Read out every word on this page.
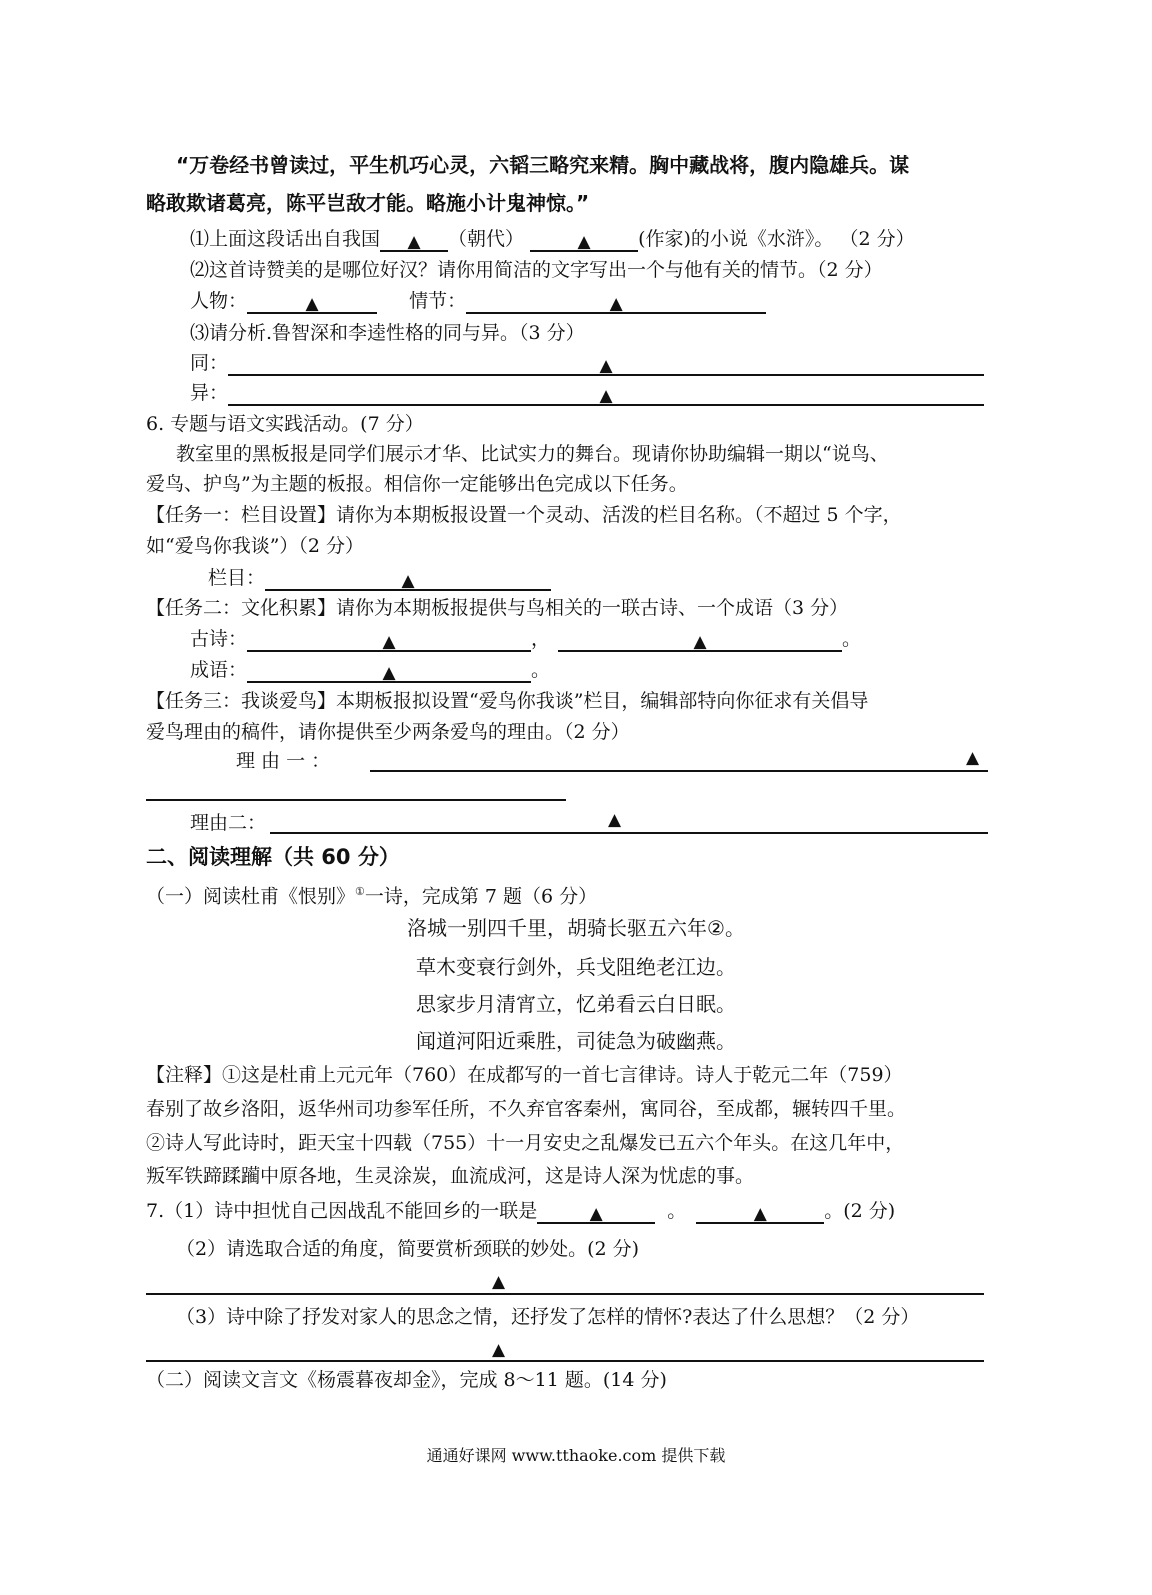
“万卷经书曾读过，平生机巧心灵，六韬三略究来精。胸中藏战将，腹内隐雄兵。谋
略敢欺诸葛亮，陈平岂敌才能。略施小计鬼神惊。”
⑴上面这段话出自我国 ▲ （朝代）	▲ (作家)的小说《水浒》。 （2 分）
⑵这首诗赞美的是哪位好汉？请你用简洁的文字写出一个与他有关的情节。（2 分）
人物：	▲	情节：	▲
⑶请分析.鲁智深和李逵性格的同与异。（3 分）
同：	▲
异：	▲
6. 专题与语文实践活动。(7 分）
教室里的黑板报是同学们展示才华、比试实力的舞台。现请你协助编辑一期以“说鸟、
爱鸟、护鸟”为主题的板报。相信你一定能够出色完成以下任务。
【任务一：栏目设置】请你为本期板报设置一个灵动、活泼的栏目名称。（不超过 5 个字，
如“爱鸟你我谈”）（2 分）
栏目：	▲
【任务二：文化积累】请你为本期板报提供与鸟相关的一联古诗、一个成语（3 分）
古诗：	▲	，	▲	。
成语：	▲	。
【任务三：我谈爱鸟】本期板报拟设置“爱鸟你我谈”栏目，编辑部特向你征求有关倡导
爱鸟理由的稿件，请你提供至少两条爱鸟的理由。（2 分）
理 由 一 ：	▲
理由二：	▲
二、阅读理解（共 60 分）
（一）阅读杜甫《恨别》①一诗，完成第 7 题（6 分）
洛城一别四千里，胡骑长驱五六年②。
草木变衰行剑外，兵戈阻绝老江边。
思家步月清宵立，忆弟看云白日眠。
闻道河阳近乘胜，司徒急为破幽燕。
【注释】①这是杜甫上元元年（760）在成都写的一首七言律诗。诗人于乾元二年（759）
春别了故乡洛阳，返华州司功参军任所，不久弃官客秦州，寓同谷，至成都，辗转四千里。
②诗人写此诗时，距天宝十四载（755）十一月安史之乱爆发已五六个年头。在这几年中，
叛军铁蹄蹂躏中原各地，生灵涂炭，血流成河，这是诗人深为忧虑的事。
7.（1）诗中担忧自己因战乱不能回乡的一联是	▲	。	▲	。(2 分)
（2）请选取合适的角度，简要赏析颈联的妙处。(2 分)
▲
（3）诗中除了抒发对家人的思念之情，还抒发了怎样的情怀?表达了什么思想？（2 分）
▲
（二）阅读文言文《杨震暮夜却金》，完成 8～11 题。(14 分)
通通好课网 www.tthaoke.com 提供下载
